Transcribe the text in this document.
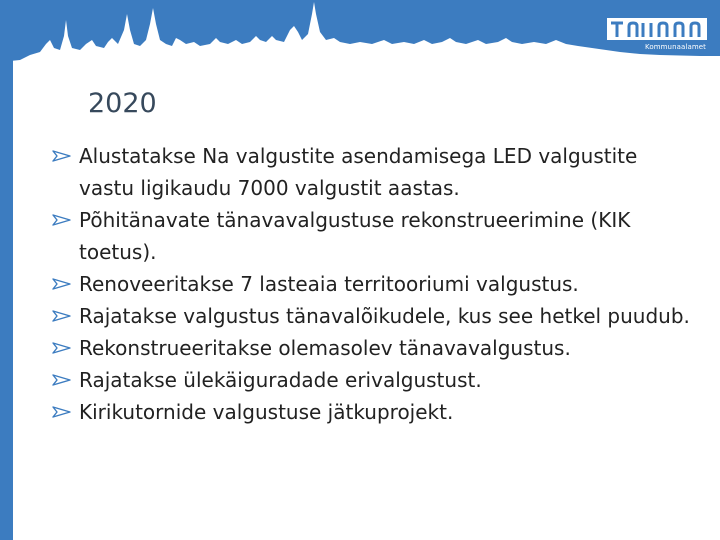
Kommunaalamet
2020
Alustatakse Na valgustite asendamisega LED valgustite vastu ligikaudu 7000 valgustit aastas.
Põhitänavate tänavavalgustuse rekonstrueerimine (KIK toetus).
Renoveeritakse 7 lasteaia territooriumi valgustus.
Rajatakse valgustus tänavalõikudele, kus see hetkel puudub.
Rekonstrueeritakse olemasolev tänavavalgustus.
Rajatakse ülekäiguradade erivalgustust.
Kirikutornide valgustuse jätkuprojekt.
